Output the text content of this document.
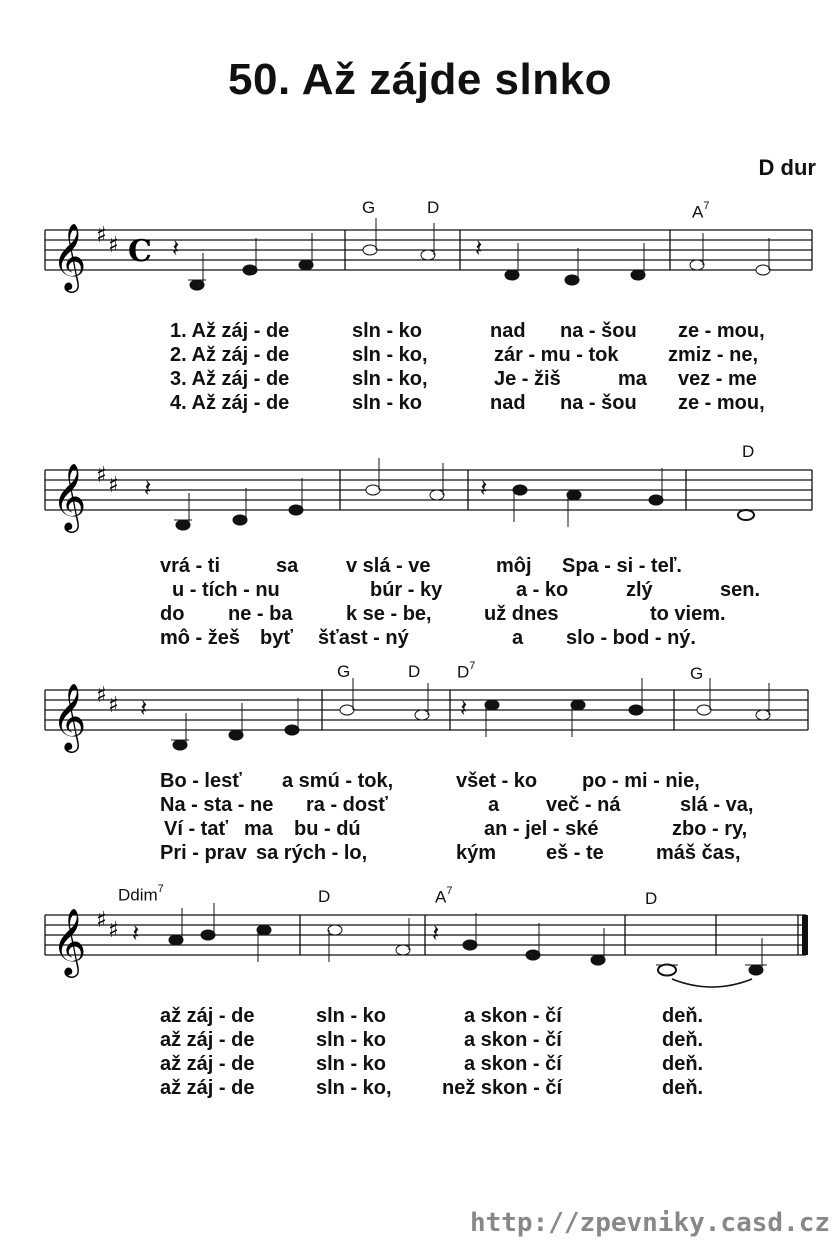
50. Až zájde slnko
D dur
G	D	$A^7$
𝄞 ♯ ♯ C 𝄽	𝄽
1. Až záj - de	sln - ko	nad na - šou ze - mou,
2. Až záj - de	sln - ko,	zár - mu - tok zmiz - ne,
3. Až záj - de	sln - ko,	Je - žiš	ma vez - me
4. Až záj - de	sln - ko	nad na - šou ze - mou,
D
𝄞 ♯ ♯ 𝄽	𝄽
vrá - ti	sa v slá - ve	môj Spa - si - teľ.
u - tích - nu	búr - ky	a - ko	zlý	sen.
do ne - ba	k se - be,	už dnes	to viem.
mô - žeš byť šťast - ný	a slo - bod - ný.
G	D $D^7$	G
𝄞 ♯ ♯ 𝄽	𝄽
Bo - lesť a smú - tok,	všet - ko po - mi - nie,
Na - sta - ne ra - dosť	a več - ná	slá - va,
Ví - tať ma bu - dú	an - jel - ské	zbo - ry,
Pri - prav sa rých - lo,	kým eš - te	máš čas,
Ddim$^7$	D	$A^7$	D
𝄞 ♯ ♯ 𝄽	𝄽
až záj - de	sln - ko	a skon - čí	deň.
až záj - de	sln - ko	a skon - čí	deň.
až záj - de	sln - ko	a skon - čí	deň.
až záj - de	sln - ko,	než skon - čí	deň.
http://zpevniky.casd.cz
